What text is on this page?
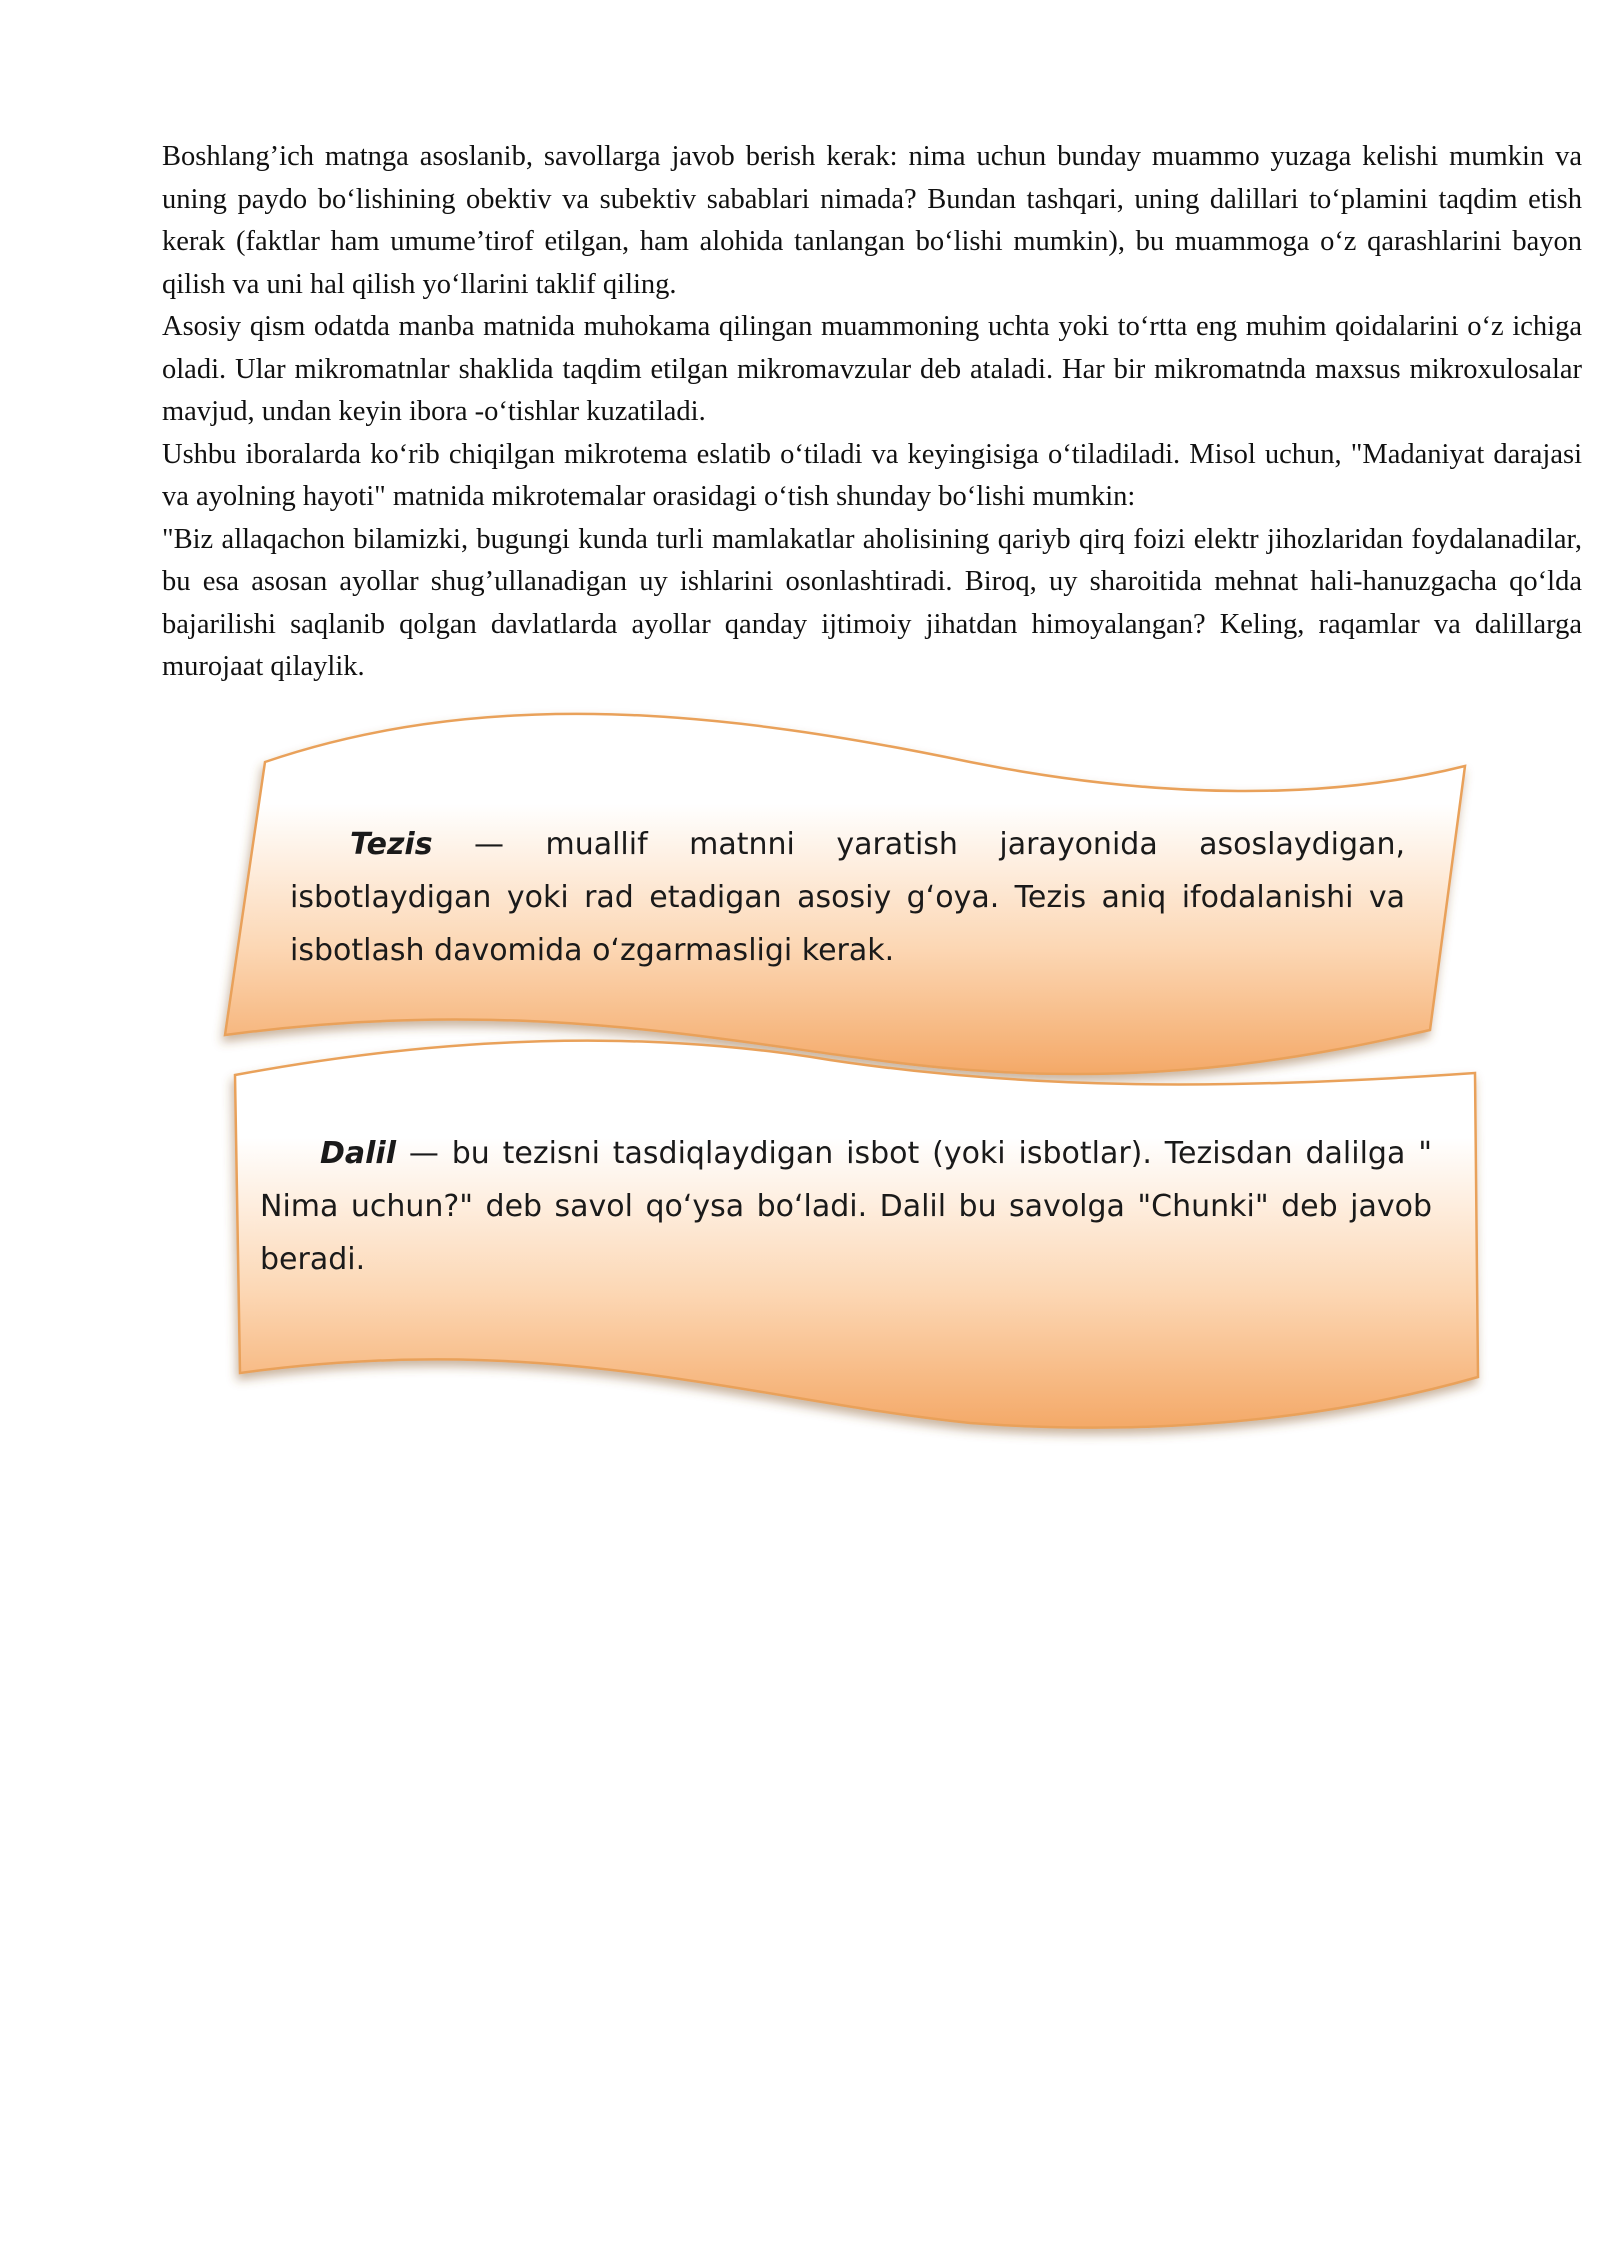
Boshlang’ich matnga asoslanib, savollarga javob berish kerak: nima uchun bunday muammo yuzaga kelishi mumkin va uning paydo bo‘lishining obektiv va subektiv sabablari nimada? Bundan tashqari, uning dalillari to‘plamini taqdim etish kerak (faktlar ham umume’tirof etilgan, ham alohida tanlangan bo‘lishi mumkin), bu muammoga o‘z qarashlarini bayon qilish va uni hal qilish yo‘llarini taklif qiling.

Asosiy qism odatda manba matnida muhokama qilingan muammoning uchta yoki to‘rtta eng muhim qoidalarini o‘z ichiga oladi. Ular mikromatnlar shaklida taqdim etilgan mikromavzular deb ataladi. Har bir mikromatnda maxsus mikroxulosalar mavjud, undan keyin ibora -o‘tishlar kuzatiladi.

Ushbu iboralarda ko‘rib chiqilgan mikrotema eslatib o‘tiladi va keyingisiga o‘tiladiladi. Misol uchun, "Madaniyat darajasi va ayolning hayoti" matnida mikrotemalar orasidagi o‘tish shunday bo‘lishi mumkin:

"Biz allaqachon bilamizki, bugungi kunda turli mamlakatlar aholisining qariyb qirq foizi elektr jihozlaridan foydalanadilar, bu esa asosan ayollar shug’ullanadigan uy ishlarini osonlashtiradi. Biroq, uy sharoitida mehnat hali-hanuzgacha qo‘lda bajarilishi saqlanib qolgan davlatlarda ayollar qanday ijtimoiy jihatdan himoyalangan? Keling, raqamlar va dalillarga murojaat qilaylik.

Tezis — muallif matnni yaratish jarayonida asoslaydigan, isbotlaydigan yoki rad etadigan asosiy g‘oya. Tezis aniq ifodalanishi va isbotlash davomida o‘zgarmasligi kerak.

Dalil — bu tezisni tasdiqlaydigan isbot (yoki isbotlar). Tezisdan dalilga " Nima uchun?" deb savol qo‘ysa bo‘ladi. Dalil bu savolga "Chunki" deb javob beradi.
